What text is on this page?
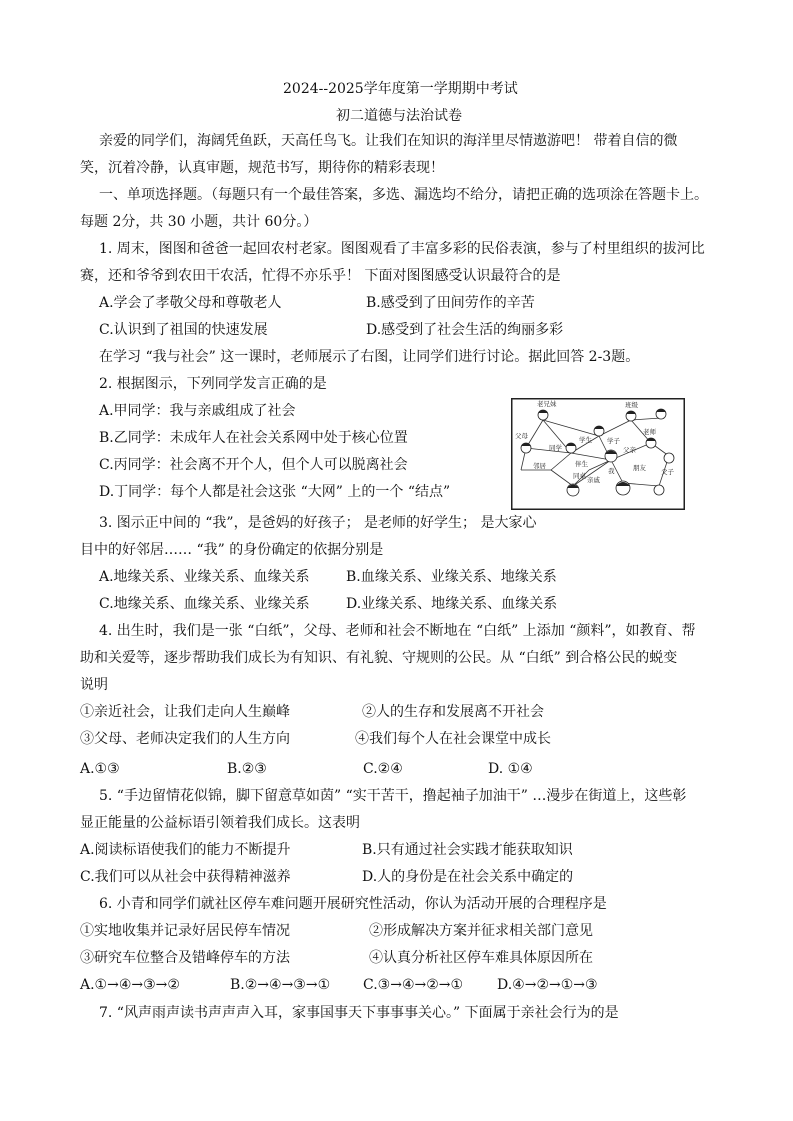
2024--2025学年度第一学期期中考试
初二道德与法治试卷
亲爱的同学们，海阔凭鱼跃，天高任鸟飞。让我们在知识的海洋里尽情遨游吧！ 带着自信的微
笑，沉着冷静，认真审题，规范书写，期待你的精彩表现！
一、单项选择题。（每题只有一个最佳答案，多选、漏选均不给分，请把正确的选项涂在答题卡上。
每题 2分，共 30 小题，共计 60分。）
1. 周末，图图和爸爸一起回农村老家。图图观看了丰富多彩的民俗表演，参与了村里组织的拔河比
赛，还和爷爷到农田干农活，忙得不亦乐乎！ 下面对图图感受认识最符合的是
A.学会了孝敬父母和尊敬老人	B.感受到了田间劳作的辛苦
C.认识到了祖国的快速发展	D.感受到了社会生活的绚丽多彩
在学习 “我与社会” 这一课时，老师展示了右图，让同学们进行讨论。据此回答 2-3题。
2. 根据图示，下列同学发言正确的是
A.甲同学：我与亲戚组成了社会
B.乙同学：未成年人在社会关系网中处于核心位置
C.丙同学：社会离不开个人，但个人可以脱离社会
D.丁同学：每个人都是社会这张 “大网” 上的一个 “结点”
老兄妹	班级
父母	学生
老师
学子
邻居
同学
伴生
父亲
同桌 亲戚
我	朋友 父子
3. 图示正中间的 “我”，是爸妈的好孩子； 是老师的好学生； 是大家心
目中的好邻居…… “我” 的身份确定的依据分别是
A.地缘关系、业缘关系、血缘关系	B.血缘关系、业缘关系、地缘关系
C.地缘关系、血缘关系、业缘关系	D.业缘关系、地缘关系、血缘关系
4. 出生时，我们是一张 “白纸”，父母、老师和社会不断地在 “白纸” 上添加 “颜料”，如教育、帮
助和关爱等，逐步帮助我们成长为有知识、有礼貌、守规则的公民。从 “白纸” 到合格公民的蜕变
说明
①亲近社会，让我们走向人生巅峰	②人的生存和发展离不开社会
③父母、老师决定我们的人生方向	④我们每个人在社会课堂中成长
A.①③	B.②③	C.②④	D. ①④
5. “手边留情花似锦，脚下留意草如茵” “实干苦干，撸起袖子加油干” …漫步在街道上，这些彰
显正能量的公益标语引领着我们成长。这表明
A.阅读标语使我们的能力不断提升	B.只有通过社会实践才能获取知识
C.我们可以从社会中获得精神滋养	D.人的身份是在社会关系中确定的
6. 小青和同学们就社区停车难问题开展研究性活动，你认为活动开展的合理程序是
①实地收集并记录好居民停车情况	②形成解决方案并征求相关部门意见
③研究车位整合及错峰停车的方法	④认真分析社区停车难具体原因所在
A.①→④→③→②	B.②→④→③→① C.③→④→②→① D.④→②→①→③
7. “风声雨声读书声声声入耳，家事国事天下事事事关心。” 下面属于亲社会行为的是
